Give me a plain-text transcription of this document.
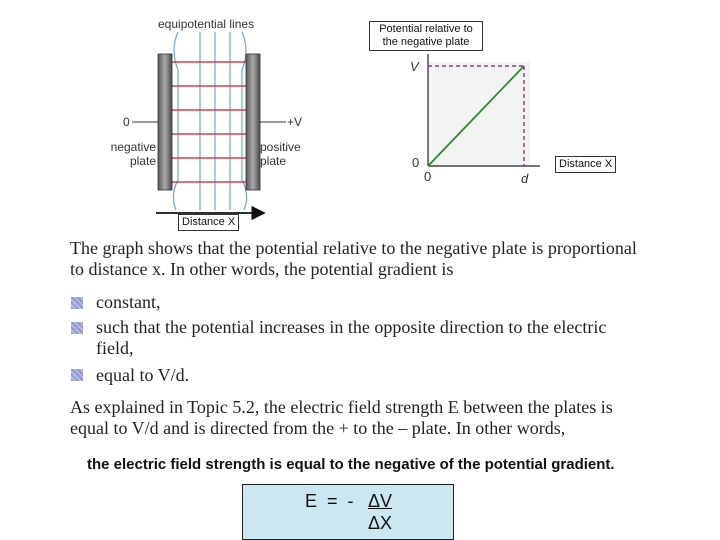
equipotential lines
0	+V
negative plate
positive plate
Distance X
V
0
0	d
Potential relative to the negative plate
Distance X
The graph shows that the potential relative to the negative plate is proportional to distance x. In other words, the potential gradient is
constant,
such that the potential increases in the opposite direction to the electric field,
equal to V/d.
As explained in Topic 5.2, the electric field strength E between the plates is equal to V/d and is directed from the + to the – plate. In other words,
the electric field strength is equal to the negative of the potential gradient.
E  =  - ΔV
ΔX
